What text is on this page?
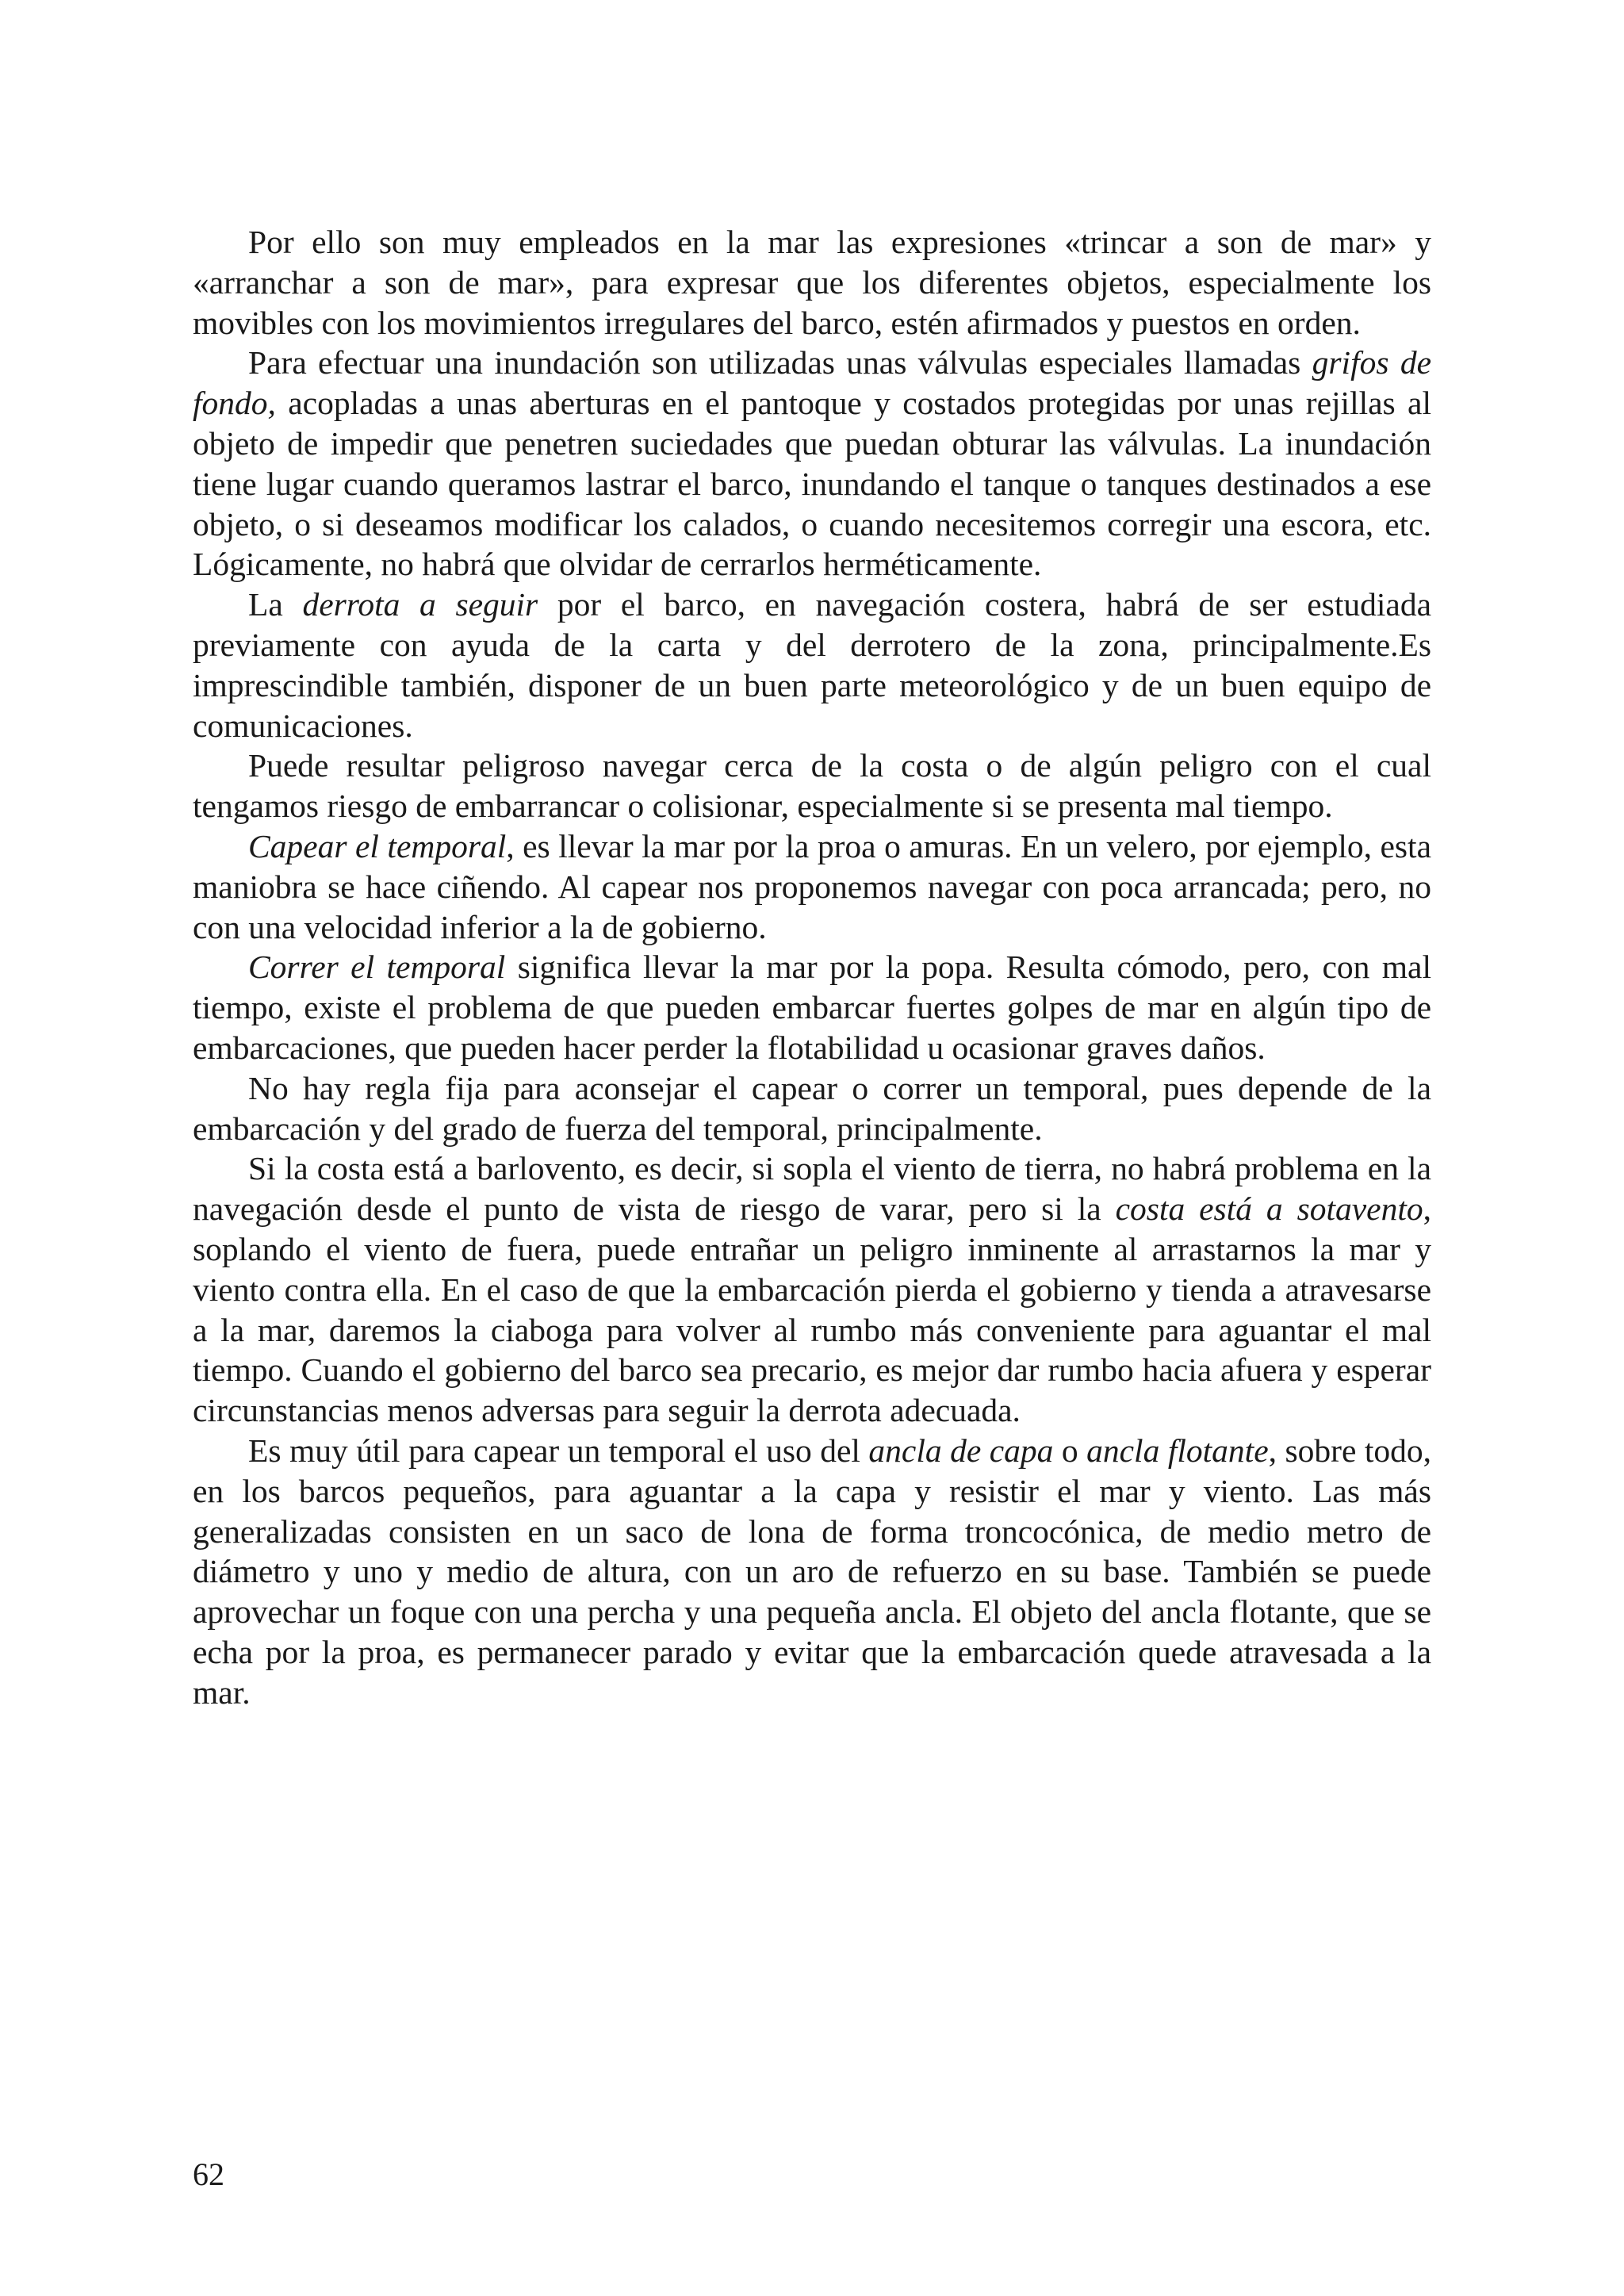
Por ello son muy empleados en la mar las expresiones «trincar a son de mar» y «arranchar a son de mar», para expresar que los diferentes objetos, especialmente los movibles con los movimientos irregulares del barco, estén afirmados y puestos en orden.

Para efectuar una inundación son utilizadas unas válvulas especiales llamadas grifos de fondo, acopladas a unas aberturas en el pantoque y costados protegidas por unas rejillas al objeto de impedir que penetren suciedades que puedan obturar las válvulas. La inundación tiene lugar cuando queramos lastrar el barco, inundando el tanque o tanques destinados a ese objeto, o si deseamos modificar los calados, o cuando necesitemos corregir una escora, etc. Lógicamente, no habrá que olvidar de cerrarlos herméticamente.

La derrota a seguir por el barco, en navegación costera, habrá de ser estudiada previamente con ayuda de la carta y del derrotero de la zona, principalmente.Es imprescindible también, disponer de un buen parte meteorológico y de un buen equipo de comunicaciones.

Puede resultar peligroso navegar cerca de la costa o de algún peligro con el cual tengamos riesgo de embarrancar o colisionar, especialmente si se presenta mal tiempo.

Capear el temporal, es llevar la mar por la proa o amuras. En un velero, por ejemplo, esta maniobra se hace ciñendo. Al capear nos proponemos navegar con poca arrancada; pero, no con una velocidad inferior a la de gobierno.

Correr el temporal significa llevar la mar por la popa. Resulta cómodo, pero, con mal tiempo, existe el problema de que pueden embarcar fuertes golpes de mar en algún tipo de embarcaciones, que pueden hacer perder la flotabilidad u ocasionar graves daños.

No hay regla fija para aconsejar el capear o correr un temporal, pues depende de la embarcación y del grado de fuerza del temporal, principalmente.

Si la costa está a barlovento, es decir, si sopla el viento de tierra, no habrá problema en la navegación desde el punto de vista de riesgo de varar, pero si la costa está a sotavento, soplando el viento de fuera, puede entrañar un peligro inminente al arrastarnos la mar y viento contra ella. En el caso de que la embarcación pierda el gobierno y tienda a atravesarse a la mar, daremos la ciaboga para volver al rumbo más conveniente para aguantar el mal tiempo. Cuando el gobierno del barco sea precario, es mejor dar rumbo hacia afuera y esperar circunstancias menos adversas para seguir la derrota adecuada.

Es muy útil para capear un temporal el uso del ancla de capa o ancla flotante, sobre todo, en los barcos pequeños, para aguantar a la capa y resistir el mar y viento. Las más generalizadas consisten en un saco de lona de forma troncocónica, de medio metro de diámetro y uno y medio de altura, con un aro de refuerzo en su base. También se puede aprovechar un foque con una percha y una pequeña ancla. El objeto del ancla flotante, que se echa por la proa, es permanecer parado y evitar que la embarcación quede atravesada a la mar.

62
